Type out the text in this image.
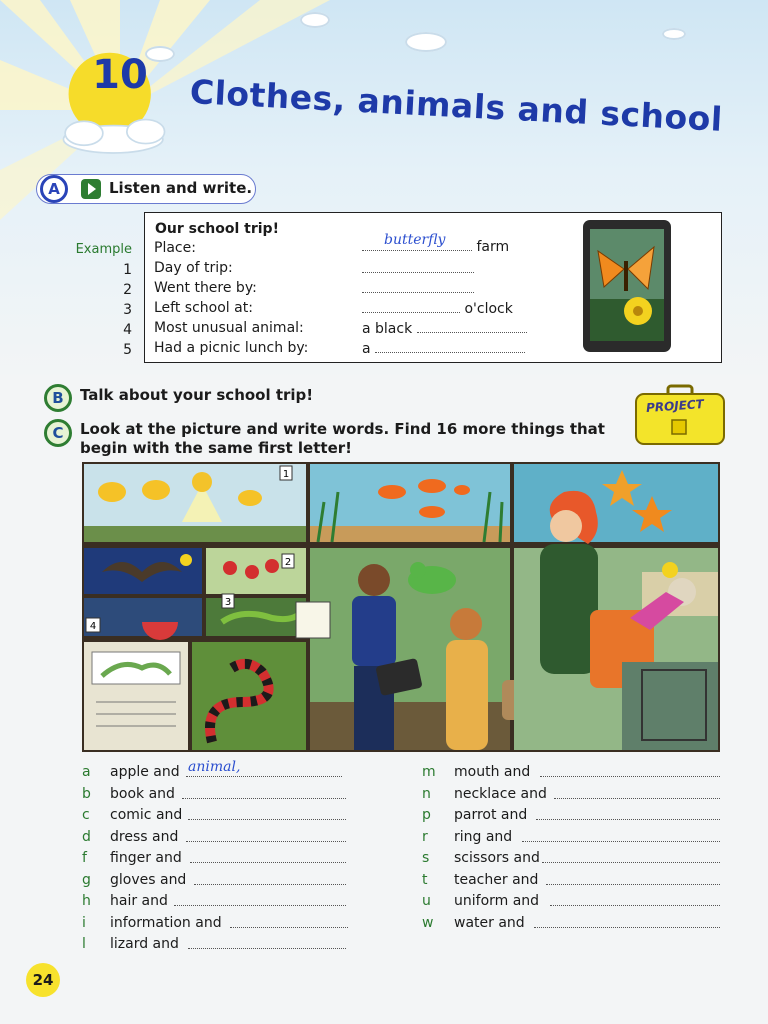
10	Clothes, animals and school
A	Listen and write.
Our school trip!
Example Place:	butterfly farm
1 Day of trip:
2 Went there by:
3 Left school at:	o'clock
4 Most unusual animal:	a black
5 Had a picnic lunch by:	a
B	Talk about your school trip!
PROJECT
C	Look at the picture and write words. Find 16 more things that
begin with the same first letter!
1
2
4
3
a apple and animal,
b book and
c comic and
d dress and
f finger and
g gloves and
h hair and
i information and
l lizard and
m mouth and
n necklace and
p parrot and
r ring and
s scissors and
t teacher and
u uniform and
w water and
24
